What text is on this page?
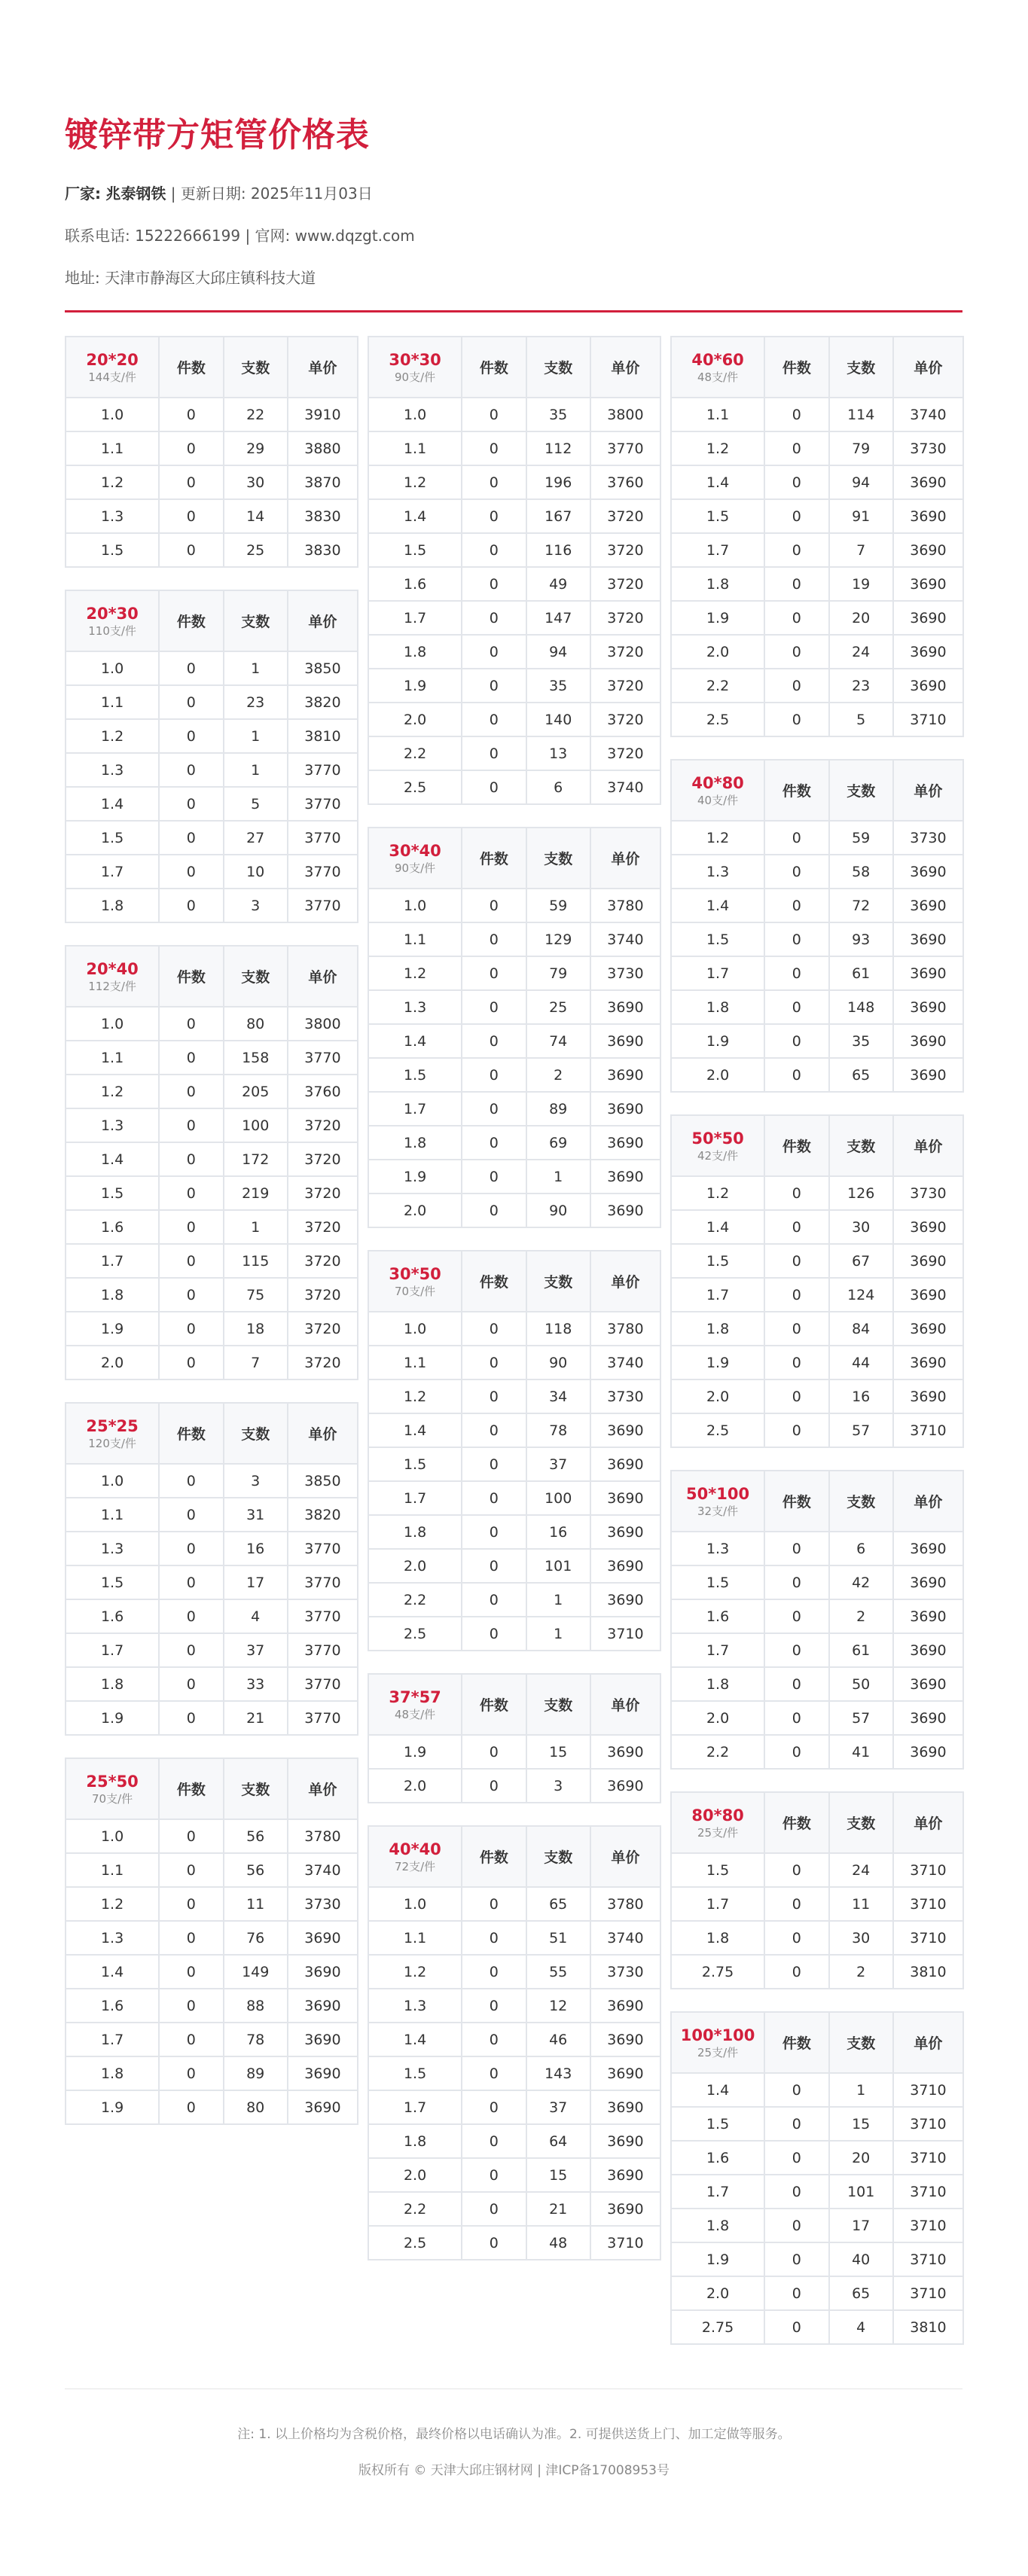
镀锌带方矩管价格表
厂家: 兆泰钢铁 | 更新日期: 2025年11月03日
联系电话: 15222666199 | 官网: www.dqzgt.com
地址: 天津市静海区大邱庄镇科技大道
20*20
144支/件	件数	支数	单价
1.0	0	22	3910
1.1	0	29	3880
1.2	0	30	3870
1.3	0	14	3830
1.5	0	25	3830
20*30
110支/件	件数	支数	单价
1.0	0	1	3850
1.1	0	23	3820
1.2	0	1	3810
1.3	0	1	3770
1.4	0	5	3770
1.5	0	27	3770
1.7	0	10	3770
1.8	0	3	3770
20*40
112支/件	件数	支数	单价
1.0	0	80	3800
1.1	0	158	3770
1.2	0	205	3760
1.3	0	100	3720
1.4	0	172	3720
1.5	0	219	3720
1.6	0	1	3720
1.7	0	115	3720
1.8	0	75	3720
1.9	0	18	3720
2.0	0	7	3720
25*25
120支/件	件数	支数	单价
1.0	0	3	3850
1.1	0	31	3820
1.3	0	16	3770
1.5	0	17	3770
1.6	0	4	3770
1.7	0	37	3770
1.8	0	33	3770
1.9	0	21	3770
25*50
70支/件	件数	支数	单价
1.0	0	56	3780
1.1	0	56	3740
1.2	0	11	3730
1.3	0	76	3690
1.4	0	149	3690
1.6	0	88	3690
1.7	0	78	3690
1.8	0	89	3690
1.9	0	80	3690
30*30
90支/件	件数	支数	单价
1.0	0	35	3800
1.1	0	112	3770
1.2	0	196	3760
1.4	0	167	3720
1.5	0	116	3720
1.6	0	49	3720
1.7	0	147	3720
1.8	0	94	3720
1.9	0	35	3720
2.0	0	140	3720
2.2	0	13	3720
2.5	0	6	3740
30*40
90支/件	件数	支数	单价
1.0	0	59	3780
1.1	0	129	3740
1.2	0	79	3730
1.3	0	25	3690
1.4	0	74	3690
1.5	0	2	3690
1.7	0	89	3690
1.8	0	69	3690
1.9	0	1	3690
2.0	0	90	3690
30*50
70支/件	件数	支数	单价
1.0	0	118	3780
1.1	0	90	3740
1.2	0	34	3730
1.4	0	78	3690
1.5	0	37	3690
1.7	0	100	3690
1.8	0	16	3690
2.0	0	101	3690
2.2	0	1	3690
2.5	0	1	3710
37*57
48支/件	件数	支数	单价
1.9	0	15	3690
2.0	0	3	3690
40*40
72支/件	件数	支数	单价
1.0	0	65	3780
1.1	0	51	3740
1.2	0	55	3730
1.3	0	12	3690
1.4	0	46	3690
1.5	0	143	3690
1.7	0	37	3690
1.8	0	64	3690
2.0	0	15	3690
2.2	0	21	3690
2.5	0	48	3710
40*60
48支/件	件数	支数	单价
1.1	0	114	3740
1.2	0	79	3730
1.4	0	94	3690
1.5	0	91	3690
1.7	0	7	3690
1.8	0	19	3690
1.9	0	20	3690
2.0	0	24	3690
2.2	0	23	3690
2.5	0	5	3710
40*80
40支/件	件数	支数	单价
1.2	0	59	3730
1.3	0	58	3690
1.4	0	72	3690
1.5	0	93	3690
1.7	0	61	3690
1.8	0	148	3690
1.9	0	35	3690
2.0	0	65	3690
50*50
42支/件	件数	支数	单价
1.2	0	126	3730
1.4	0	30	3690
1.5	0	67	3690
1.7	0	124	3690
1.8	0	84	3690
1.9	0	44	3690
2.0	0	16	3690
2.5	0	57	3710
50*100
32支/件	件数	支数	单价
1.3	0	6	3690
1.5	0	42	3690
1.6	0	2	3690
1.7	0	61	3690
1.8	0	50	3690
2.0	0	57	3690
2.2	0	41	3690
80*80
25支/件	件数	支数	单价
1.5	0	24	3710
1.7	0	11	3710
1.8	0	30	3710
2.75	0	2	3810
100*100
25支/件	件数	支数	单价
1.4	0	1	3710
1.5	0	15	3710
1.6	0	20	3710
1.7	0	101	3710
1.8	0	17	3710
1.9	0	40	3710
2.0	0	65	3710
2.75	0	4	3810
注: 1. 以上价格均为含税价格，最终价格以电话确认为准。2. 可提供送货上门、加工定做等服务。
版权所有 © 天津大邱庄钢材网 | 津ICP备17008953号
